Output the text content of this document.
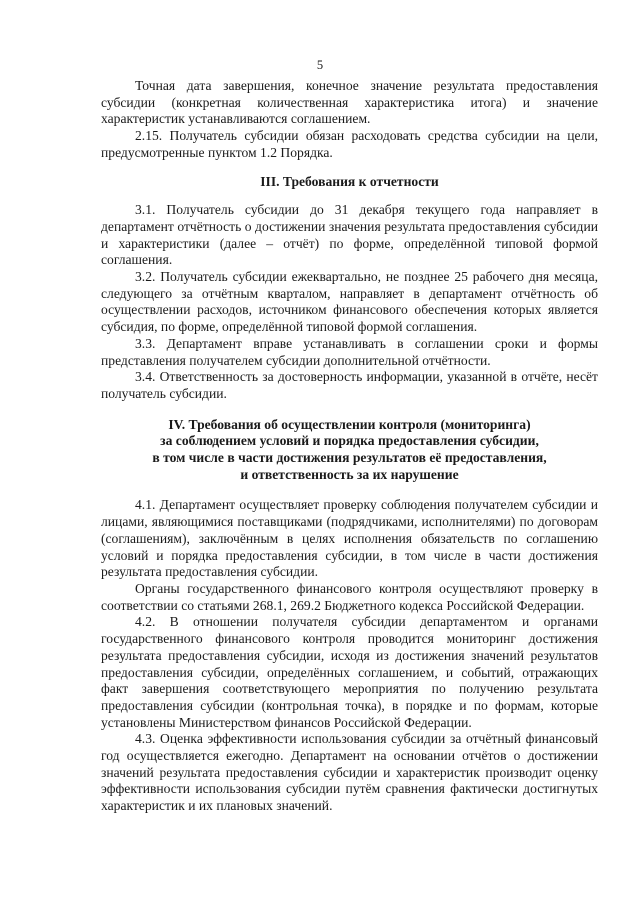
5

Точная дата завершения, конечное значение результата предоставления субсидии (конкретная количественная характеристика итога) и значение характеристик устанавливаются соглашением.

2.15. Получатель субсидии обязан расходовать средства субсидии на цели, предусмотренные пунктом 1.2 Порядка.

III. Требования к отчетности

3.1. Получатель субсидии до 31 декабря текущего года направляет в департамент отчётность о достижении значения результата предоставления субсидии и характеристики (далее – отчёт) по форме, определённой типовой формой соглашения.

3.2. Получатель субсидии ежеквартально, не позднее 25 рабочего дня месяца, следующего за отчётным кварталом, направляет в департамент отчётность об осуществлении расходов, источником финансового обеспечения которых является субсидия, по форме, определённой типовой формой соглашения.

3.3. Департамент вправе устанавливать в соглашении сроки и формы представления получателем субсидии дополнительной отчётности.

3.4. Ответственность за достоверность информации, указанной в отчёте, несёт получатель субсидии.

IV. Требования об осуществлении контроля (мониторинга)
за соблюдением условий и порядка предоставления субсидии,
в том числе в части достижения результатов её предоставления,
и ответственность за их нарушение

4.1. Департамент осуществляет проверку соблюдения получателем субсидии и лицами, являющимися поставщиками (подрядчиками, исполнителями) по договорам (соглашениям), заключённым в целях исполнения обязательств по соглашению условий и порядка предоставления субсидии, в том числе в части достижения результата предоставления субсидии.

Органы государственного финансового контроля осуществляют проверку в соответствии со статьями 268.1, 269.2 Бюджетного кодекса Российской Федерации.

4.2. В отношении получателя субсидии департаментом и органами государственного финансового контроля проводится мониторинг достижения результата предоставления субсидии, исходя из достижения значений результатов предоставления субсидии, определённых соглашением, и событий, отражающих факт завершения соответствующего мероприятия по получению результата предоставления субсидии (контрольная точка), в порядке и по формам, которые установлены Министерством финансов Российской Федерации.

4.3. Оценка эффективности использования субсидии за отчётный финансовый год осуществляется ежегодно. Департамент на основании отчётов о достижении значений результата предоставления субсидии и характеристик производит оценку эффективности использования субсидии путём сравнения фактически достигнутых характеристик и их плановых значений.
